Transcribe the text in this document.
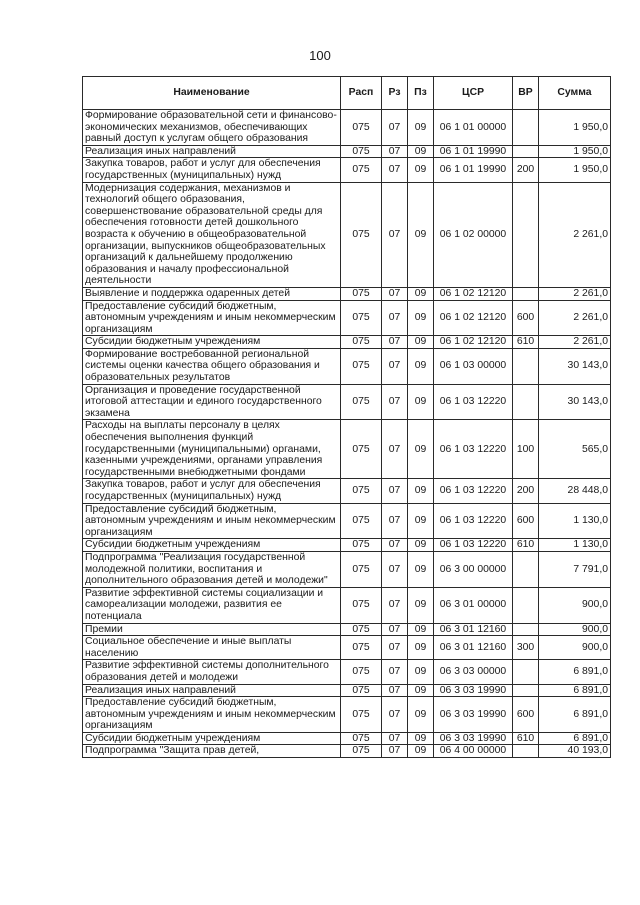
100
Наименование	Расп	Рз	Пз	ЦСР	ВР	Сумма
Формирование образовательной сети и финансово-экономических механизмов, обеспечивающих равный доступ к услугам общего образования	075	07	09	06 1 01 00000		1 950,0
Реализация иных направлений	075	07	09	06 1 01 19990		1 950,0
Закупка товаров, работ и услуг для обеспечения государственных (муниципальных) нужд	075	07	09	06 1 01 19990	200	1 950,0
Модернизация содержания, механизмов и технологий общего образования, совершенствование образовательной среды для обеспечения готовности детей дошкольного возраста к обучению в общеобразовательной организации, выпускников общеобразовательных организаций к дальнейшему продолжению образования и началу профессиональной деятельности	075	07	09	06 1 02 00000		2 261,0
Выявление и поддержка одаренных детей	075	07	09	06 1 02 12120		2 261,0
Предоставление субсидий бюджетным, автономным учреждениям и иным некоммерческим организациям	075	07	09	06 1 02 12120	600	2 261,0
Субсидии бюджетным учреждениям	075	07	09	06 1 02 12120	610	2 261,0
Формирование востребованной региональной системы оценки качества общего образования и образовательных результатов	075	07	09	06 1 03 00000		30 143,0
Организация и проведение государственной итоговой аттестации и единого государственного экзамена	075	07	09	06 1 03 12220		30 143,0
Расходы на выплаты персоналу в целях обеспечения выполнения функций государственными (муниципальными) органами, казенными учреждениями, органами управления государственными внебюджетными фондами	075	07	09	06 1 03 12220	100	565,0
Закупка товаров, работ и услуг для обеспечения государственных (муниципальных) нужд	075	07	09	06 1 03 12220	200	28 448,0
Предоставление субсидий бюджетным, автономным учреждениям и иным некоммерческим организациям	075	07	09	06 1 03 12220	600	1 130,0
Субсидии бюджетным учреждениям	075	07	09	06 1 03 12220	610	1 130,0
Подпрограмма "Реализация государственной молодежной политики, воспитания и дополнительного образования детей и молодежи"	075	07	09	06 3 00 00000		7 791,0
Развитие эффективной системы социализации и самореализации молодежи, развития ее потенциала	075	07	09	06 3 01 00000		900,0
Премии	075	07	09	06 3 01 12160		900,0
Социальное обеспечение и иные выплаты населению	075	07	09	06 3 01 12160	300	900,0
Развитие эффективной системы дополнительного образования детей и молодежи	075	07	09	06 3 03 00000		6 891,0
Реализация иных направлений	075	07	09	06 3 03 19990		6 891,0
Предоставление субсидий бюджетным, автономным учреждениям и иным некоммерческим организациям	075	07	09	06 3 03 19990	600	6 891,0
Субсидии бюджетным учреждениям	075	07	09	06 3 03 19990	610	6 891,0
Подпрограмма "Защита прав детей,	075	07	09	06 4 00 00000		40 193,0
